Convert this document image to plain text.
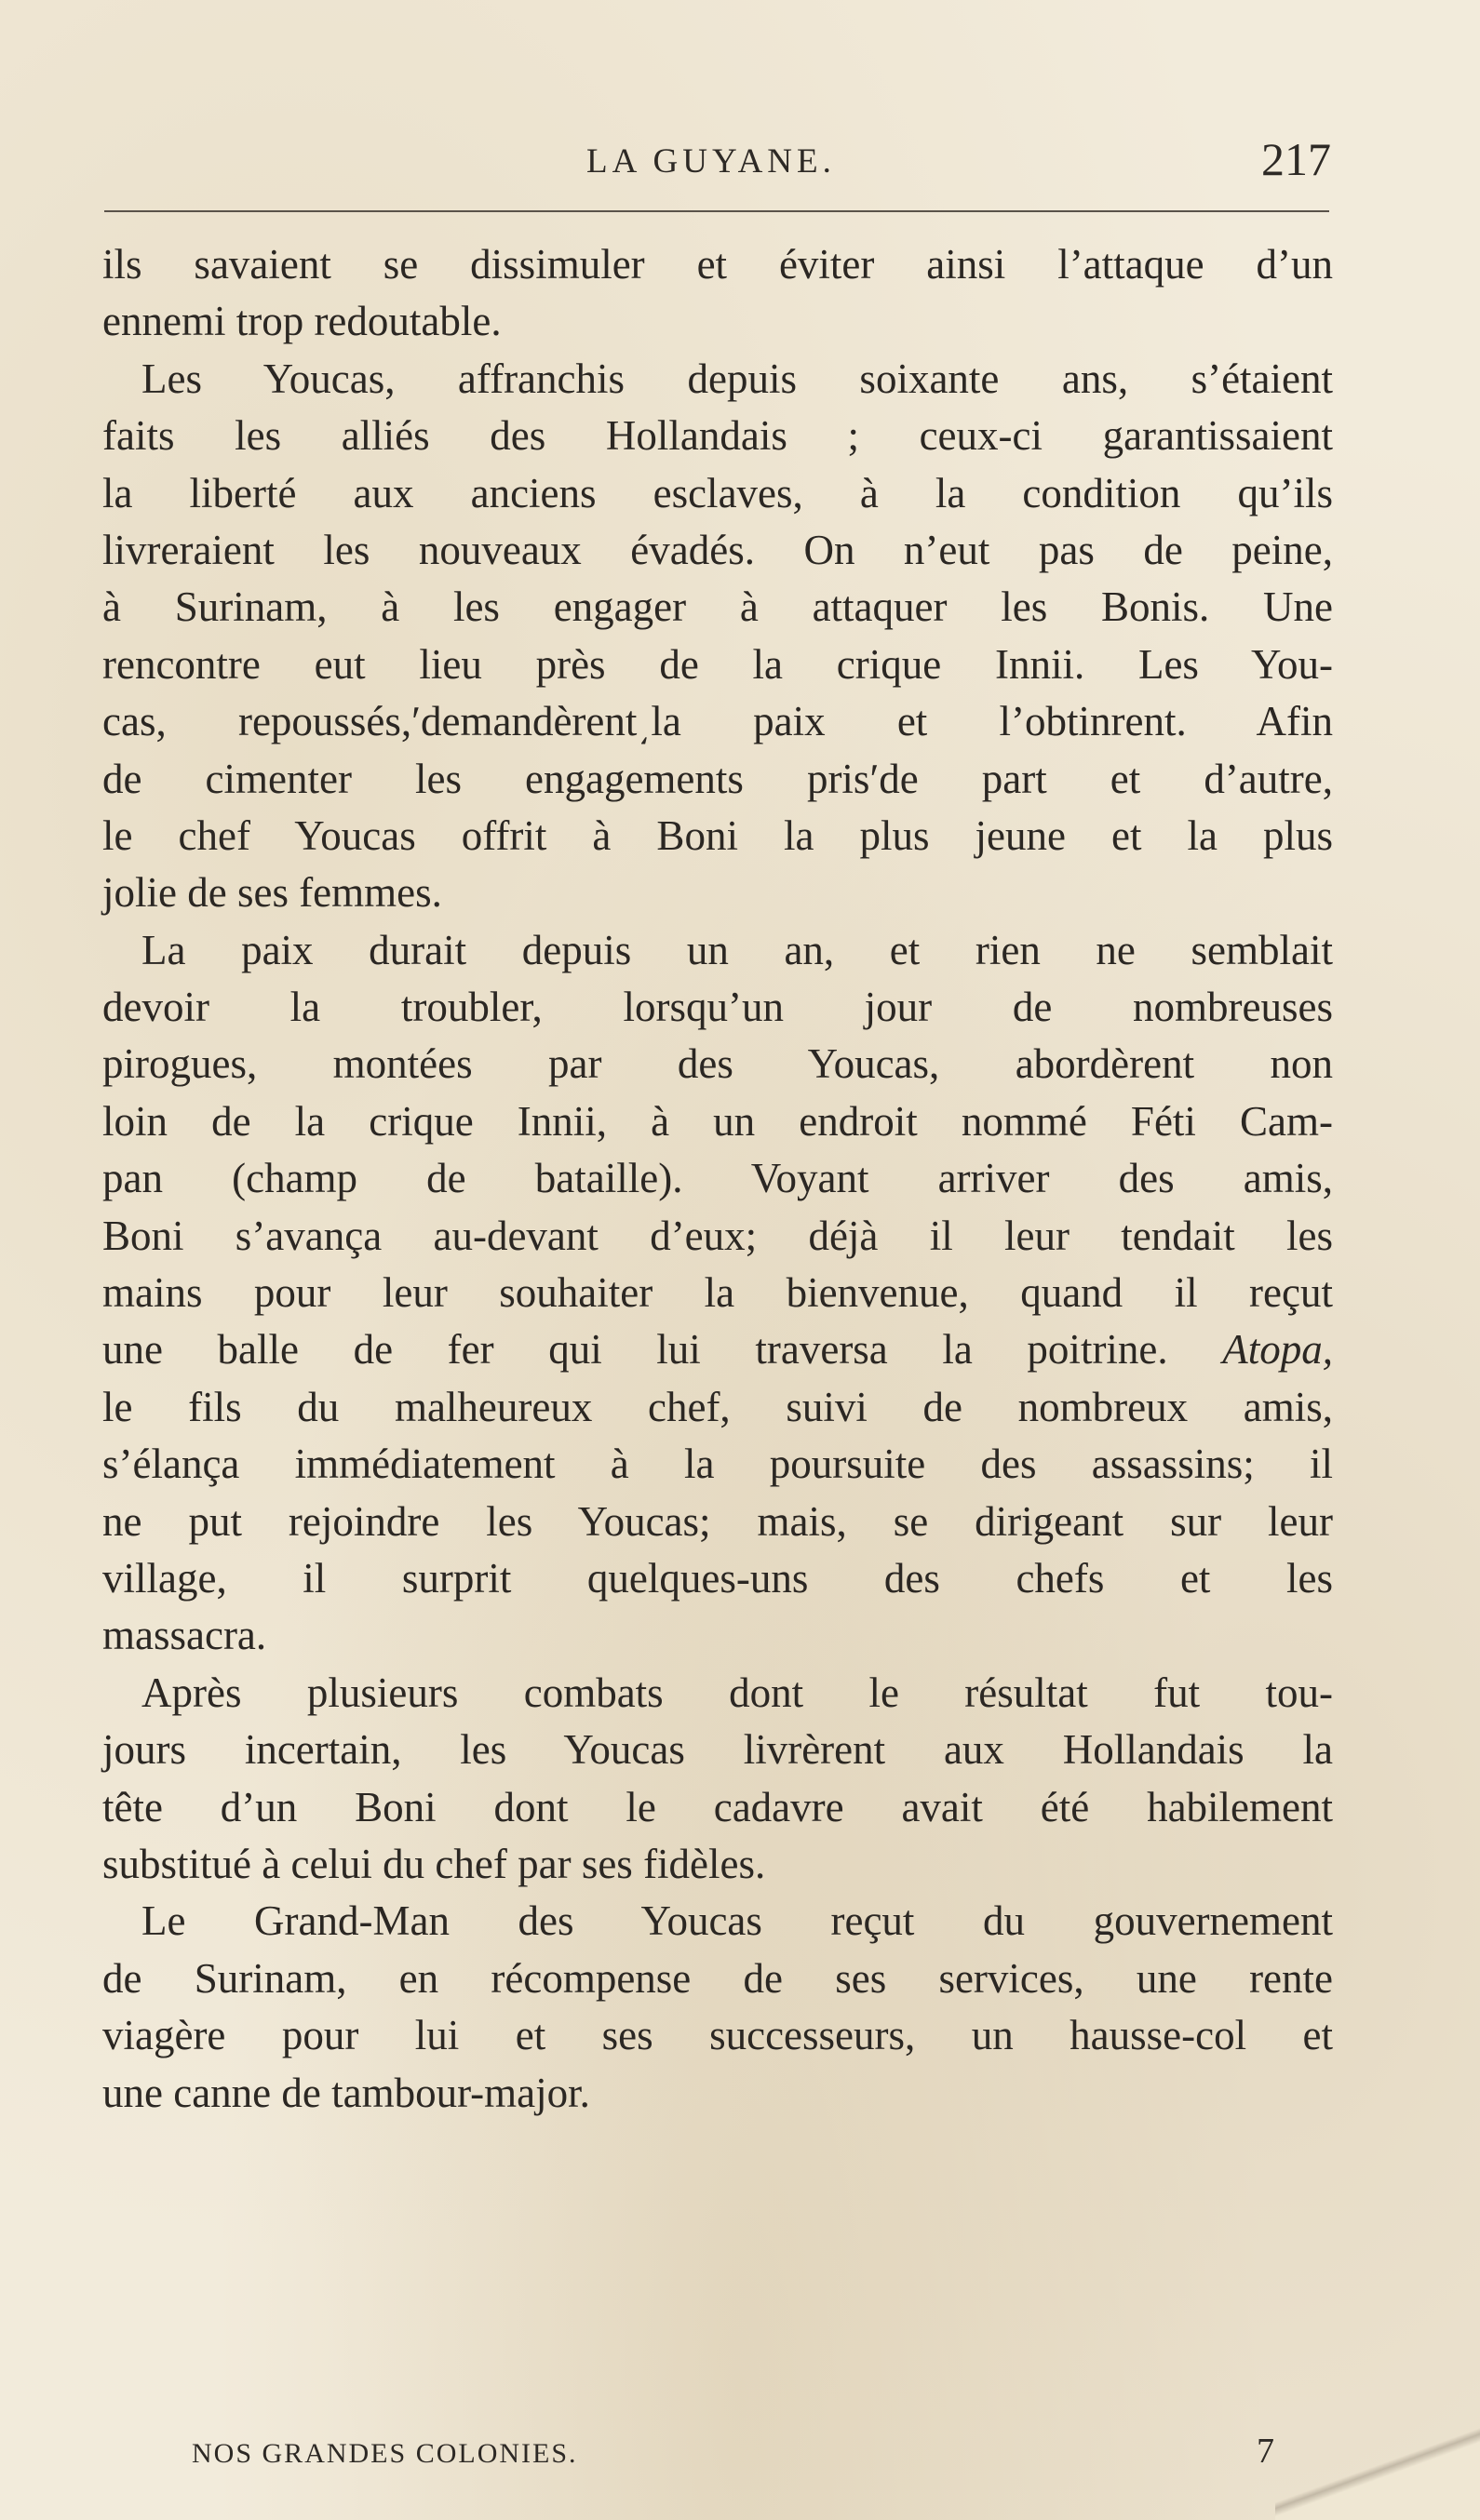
LA GUYANE.	217
ils savaient se dissimuler et éviter ainsi l’attaque d’un
ennemi trop redoutable.
Les Youcas, affranchis depuis soixante ans, s’étaient
faits les alliés des Hollandais ; ceux-ci garantissaient
la liberté aux anciens esclaves, à la condition qu’ils
livreraient les nouveaux évadés. On n’eut pas de peine,
à Surinam, à les engager à attaquer les Bonis. Une
rencontre eut lieu près de la crique Innii. Les You-
cas, repoussés,ʹdemandèrent͵la paix et l’obtinrent. Afin
de cimenter les engagements prisʹde part et d’autre,
le chef Youcas offrit à Boni la plus jeune et la plus
jolie de ses femmes.
La paix durait depuis un an, et rien ne semblait
devoir la troubler, lorsqu’un jour de nombreuses
pirogues, montées par des Youcas, abordèrent non
loin de la crique Innii, à un endroit nommé Féti Cam-
pan (champ de bataille). Voyant arriver des amis,
Boni s’avança au-devant d’eux; déjà il leur tendait les
mains pour leur souhaiter la bienvenue, quand il reçut
une balle de fer qui lui traversa la poitrine. Atopa,
le fils du malheureux chef, suivi de nombreux amis,
s’élança immédiatement à la poursuite des assassins; il
ne put rejoindre les Youcas; mais, se dirigeant sur leur
village, il surprit quelques-uns des chefs et les
massacra.
Après plusieurs combats dont le résultat fut tou-
jours incertain, les Youcas livrèrent aux Hollandais la
tête d’un Boni dont le cadavre avait été habilement
substitué à celui du chef par ses fidèles.
Le Grand-Man des Youcas reçut du gouvernement
de Surinam, en récompense de ses services, une rente
viagère pour lui et ses successeurs, un hausse-col et
une canne de tambour-major.
NOS GRANDES COLONIES.	7
